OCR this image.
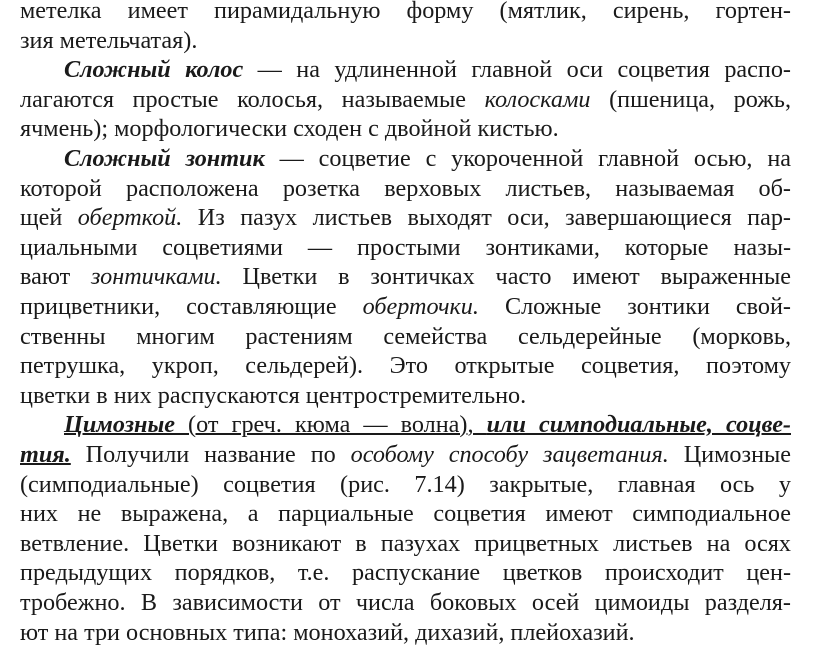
метелка имеет пирамидальную форму (мятлик, сирень, гортен-
зия метельчатая).
Сложный колос — на удлиненной главной оси соцветия распо-
лагаются простые колосья, называемые колосками (пшеница, рожь,
ячмень); морфологически сходен с двойной кистью.
Сложный зонтик — соцветие с укороченной главной осью, на
которой расположена розетка верховых листьев, называемая об-
щей оберткой. Из пазух листьев выходят оси, завершающиеся пар-
циальными соцветиями — простыми зонтиками, которые назы-
вают зонтичками. Цветки в зонтичках часто имеют выраженные
прицветники, составляющие оберточки. Сложные зонтики свой-
ственны многим растениям семейства сельдерейные (морковь,
петрушка, укроп, сельдерей). Это открытые соцветия, поэтому
цветки в них распускаются центростремительно.
Цимозные (от греч. кюма — волна), или симподиальные, соцве-
тия. Получили название по особому способу зацветания. Цимозные
(симподиальные) соцветия (рис. 7.14) закрытые, главная ось у
них не выражена, а парциальные соцветия имеют симподиальное
ветвление. Цветки возникают в пазухах прицветных листьев на осях
предыдущих порядков, т.е. распускание цветков происходит цен-
тробежно. В зависимости от числа боковых осей цимоиды разделя-
ют на три основных типа: монохазий, дихазий, плейохазий.
